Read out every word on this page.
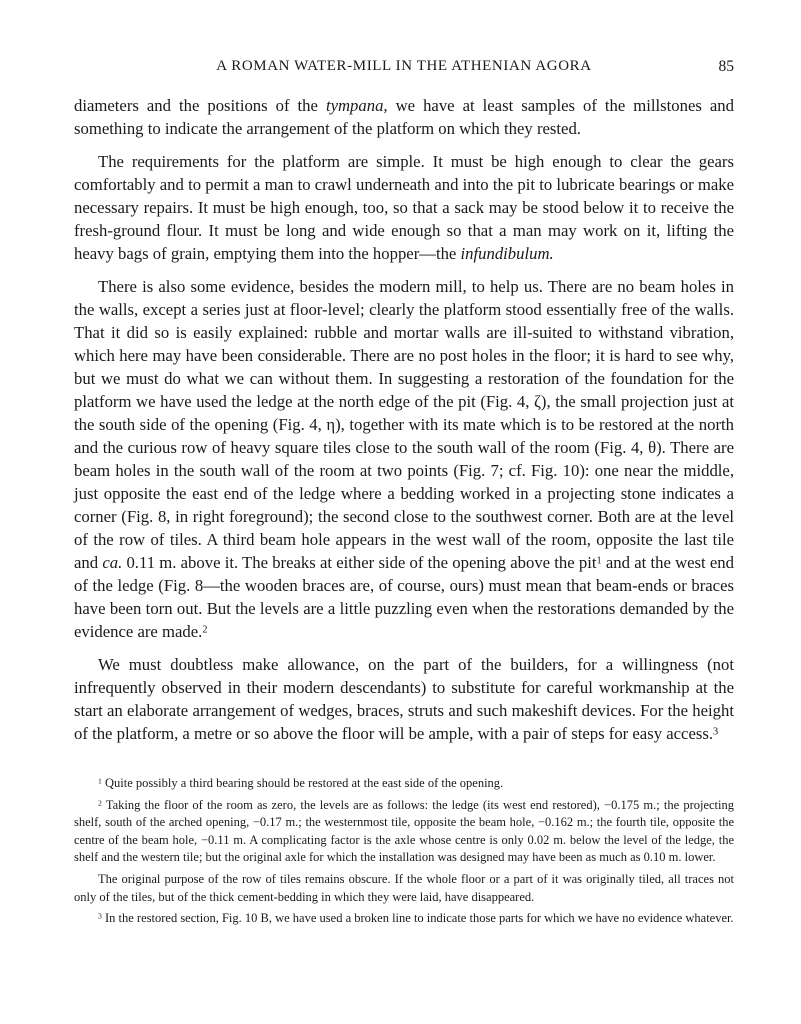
A ROMAN WATER-MILL IN THE ATHENIAN AGORA	85

diameters and the positions of the tympana, we have at least samples of the millstones and something to indicate the arrangement of the platform on which they rested.

The requirements for the platform are simple. It must be high enough to clear the gears comfortably and to permit a man to crawl underneath and into the pit to lubricate bearings or make necessary repairs. It must be high enough, too, so that a sack may be stood below it to receive the fresh-ground flour. It must be long and wide enough so that a man may work on it, lifting the heavy bags of grain, emptying them into the hopper—the infundibulum.

There is also some evidence, besides the modern mill, to help us. There are no beam holes in the walls, except a series just at floor-level; clearly the platform stood essentially free of the walls. That it did so is easily explained: rubble and mortar walls are ill-suited to withstand vibration, which here may have been considerable. There are no post holes in the floor; it is hard to see why, but we must do what we can without them. In suggesting a restoration of the foundation for the platform we have used the ledge at the north edge of the pit (Fig. 4, ζ), the small projection just at the south side of the opening (Fig. 4, η), together with its mate which is to be restored at the north and the curious row of heavy square tiles close to the south wall of the room (Fig. 4, θ). There are beam holes in the south wall of the room at two points (Fig. 7; cf. Fig. 10): one near the middle, just opposite the east end of the ledge where a bedding worked in a projecting stone indicates a corner (Fig. 8, in right foreground); the second close to the southwest corner. Both are at the level of the row of tiles. A third beam hole appears in the west wall of the room, opposite the last tile and ca. 0.11 m. above it. The breaks at either side of the opening above the pit$^1$ and at the west end of the ledge (Fig. 8—the wooden braces are, of course, ours) must mean that beam-ends or braces have been torn out. But the levels are a little puzzling even when the restorations demanded by the evidence are made.$^2$

We must doubtless make allowance, on the part of the builders, for a willingness (not infrequently observed in their modern descendants) to substitute for careful workmanship at the start an elaborate arrangement of wedges, braces, struts and such makeshift devices. For the height of the platform, a metre or so above the floor will be ample, with a pair of steps for easy access.$^3$

$^1$ Quite possibly a third bearing should be restored at the east side of the opening.

$^2$ Taking the floor of the room as zero, the levels are as follows: the ledge (its west end restored), −0.175 m.; the projecting shelf, south of the arched opening, −0.17 m.; the westernmost tile, opposite the beam hole, −0.162 m.; the fourth tile, opposite the centre of the beam hole, −0.11 m. A complicating factor is the axle whose centre is only 0.02 m. below the level of the ledge, the shelf and the western tile; but the original axle for which the installation was designed may have been as much as 0.10 m. lower.

The original purpose of the row of tiles remains obscure. If the whole floor or a part of it was originally tiled, all traces not only of the tiles, but of the thick cement-bedding in which they were laid, have disappeared.

$^3$ In the restored section, Fig. 10 B, we have used a broken line to indicate those parts for which we have no evidence whatever.
